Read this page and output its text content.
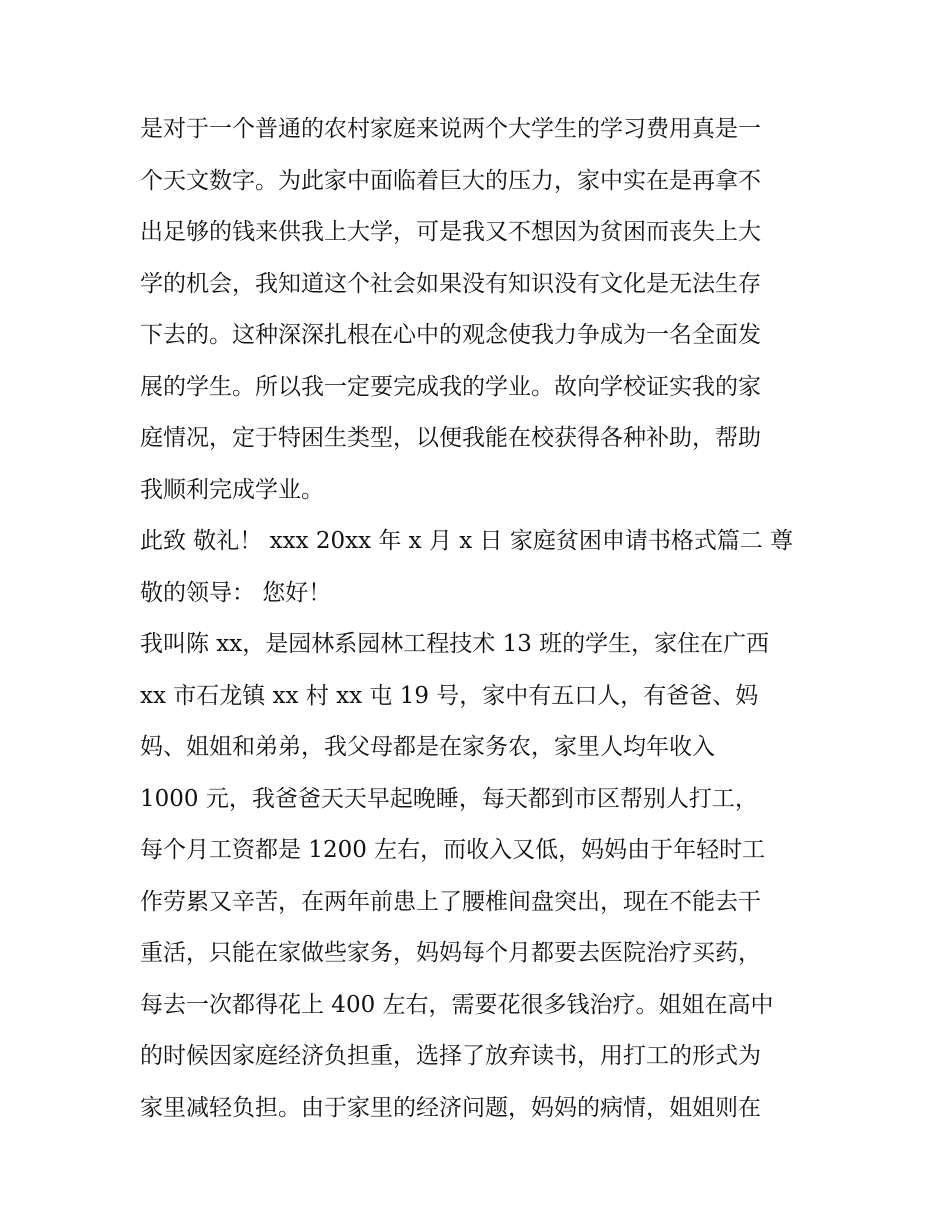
是对于一个普通的农村家庭来说两个大学生的学习费用真是一
个天文数字。为此家中面临着巨大的压力，家中实在是再拿不
出足够的钱来供我上大学，可是我又不想因为贫困而丧失上大
学的机会，我知道这个社会如果没有知识没有文化是无法生存
下去的。这种深深扎根在心中的观念使我力争成为一名全面发
展的学生。所以我一定要完成我的学业。故向学校证实我的家
庭情况，定于特困生类型，以便我能在校获得各种补助，帮助
我顺利完成学业。
此致 敬礼！ xxx 20xx 年 x 月 x 日 家庭贫困申请书格式篇二 尊
敬的领导： 您好！
我叫陈 xx，是园林系园林工程技术 13 班的学生，家住在广西
xx 市石龙镇 xx 村 xx 屯 19 号，家中有五口人，有爸爸、妈
妈、姐姐和弟弟，我父母都是在家务农，家里人均年收入
1000 元，我爸爸天天早起晚睡，每天都到市区帮别人打工，
每个月工资都是 1200 左右，而收入又低，妈妈由于年轻时工
作劳累又辛苦，在两年前患上了腰椎间盘突出，现在不能去干
重活，只能在家做些家务，妈妈每个月都要去医院治疗买药，
每去一次都得花上 400 左右，需要花很多钱治疗。姐姐在高中
的时候因家庭经济负担重，选择了放弃读书，用打工的形式为
家里减轻负担。由于家里的经济问题，妈妈的病情，姐姐则在
